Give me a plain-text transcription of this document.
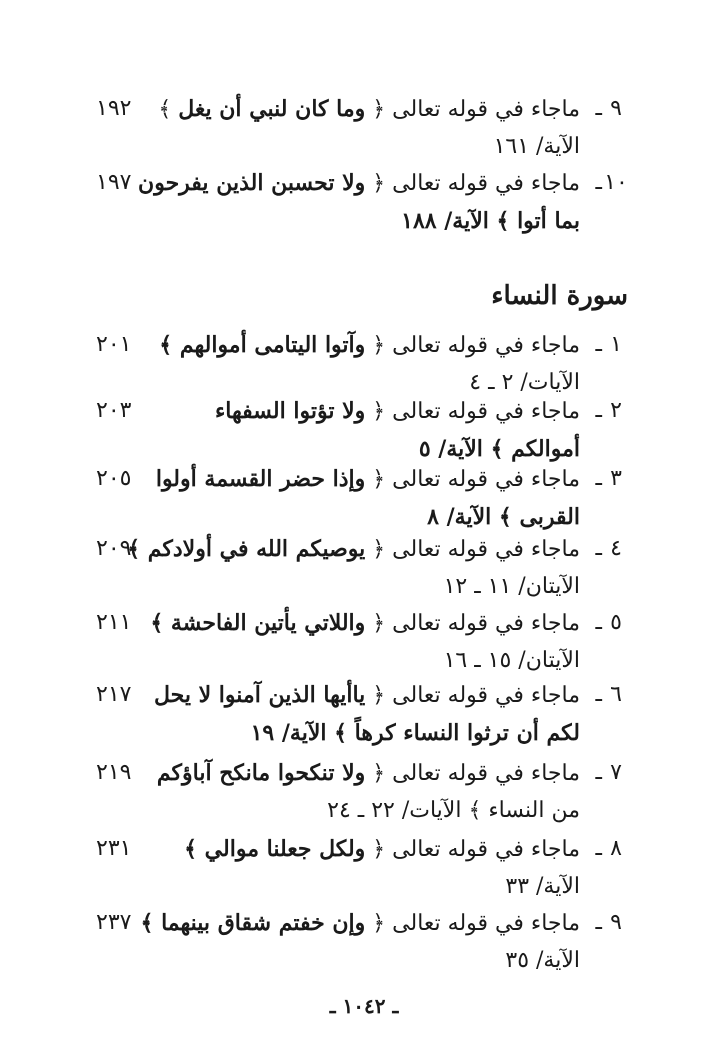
٩
ـ
ماجاء في قوله تعالى ﴿ وما كان لنبي أن يغل ﴾
١٩٢
الآية/ ١٦١
١٠
ـ
ماجاء في قوله تعالى ﴿ ولا تحسبن الذين يفرحون
١٩٧
بما أتوا ﴾ الآية/ ١٨٨
سورة النساء
١
ـ
ماجاء في قوله تعالى ﴿ وآتوا اليتامى أموالهم ﴾
٢٠١
الآيات/ ٢ ـ ٤
٢
ـ
ماجاء في قوله تعالى ﴿ ولا تؤتوا السفهاء
٢٠٣
أموالكم ﴾ الآية/ ٥
٣
ـ
ماجاء في قوله تعالى ﴿ وإذا حضر القسمة أولوا
٢٠٥
القربى ﴾ الآية/ ٨
٤
ـ
ماجاء في قوله تعالى ﴿ يوصيكم الله في أولادكم ﴾
٢٠٩
الآيتان/ ١١ ـ ١٢
٥
ـ
ماجاء في قوله تعالى ﴿ واللاتي يأتين الفاحشة ﴾
٢١١
الآيتان/ ١٥ ـ ١٦
٦
ـ
ماجاء في قوله تعالى ﴿ ياأيها الذين آمنوا لا يحل
٢١٧
لكم أن ترثوا النساء كرهاً ﴾ الآية/ ١٩
٧
ـ
ماجاء في قوله تعالى ﴿ ولا تنكحوا مانكح آباؤكم
٢١٩
من النساء ﴾ الآيات/ ٢٢ ـ ٢٤
٨
ـ
ماجاء في قوله تعالى ﴿ ولكل جعلنا موالي ﴾
٢٣١
الآية/ ٣٣
٩
ـ
ماجاء في قوله تعالى ﴿ وإن خفتم شقاق بينهما ﴾
٢٣٧
الآية/ ٣٥
ـ ١٠٤٢ ـ
